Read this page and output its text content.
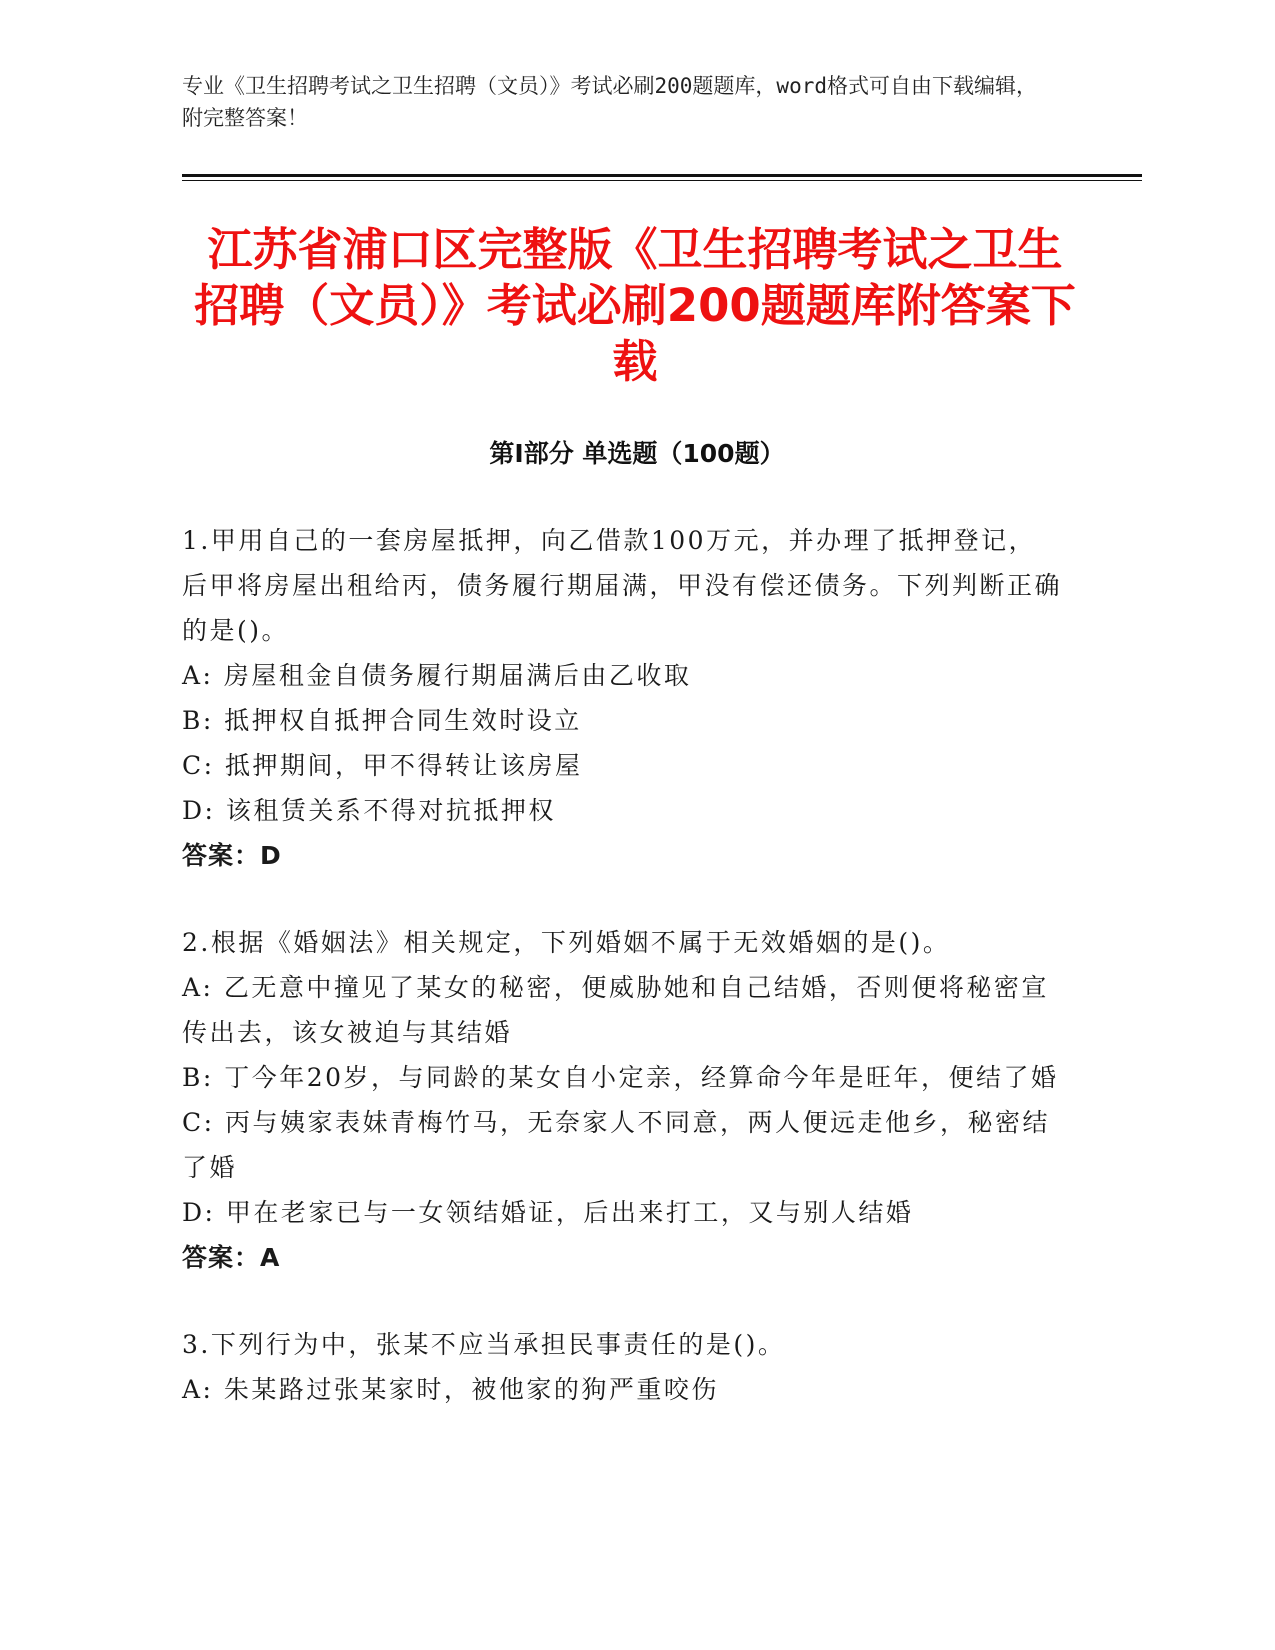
专业《卫生招聘考试之卫生招聘（文员）》考试必刷200题题库，word格式可自由下载编辑，附完整答案！
江苏省浦口区完整版《卫生招聘考试之卫生招聘（文员）》考试必刷200题题库附答案下载
第Ⅰ部分 单选题（100题）

1.甲用自己的一套房屋抵押，向乙借款100万元，并办理了抵押登记，后甲将房屋出租给丙，债务履行期届满，甲没有偿还债务。下列判断正确的是()。

A: 房屋租金自债务履行期届满后由乙收取

B: 抵押权自抵押合同生效时设立

C: 抵押期间，甲不得转让该房屋

D: 该租赁关系不得对抗抵押权

答案：D

2.根据《婚姻法》相关规定，下列婚姻不属于无效婚姻的是()。

A: 乙无意中撞见了某女的秘密，便威胁她和自己结婚，否则便将秘密宣传出去，该女被迫与其结婚

B: 丁今年20岁，与同龄的某女自小定亲，经算命今年是旺年，便结了婚

C: 丙与姨家表妹青梅竹马，无奈家人不同意，两人便远走他乡，秘密结了婚

D: 甲在老家已与一女领结婚证，后出来打工，又与别人结婚

答案：A

3.下列行为中，张某不应当承担民事责任的是()。

A: 朱某路过张某家时，被他家的狗严重咬伤
